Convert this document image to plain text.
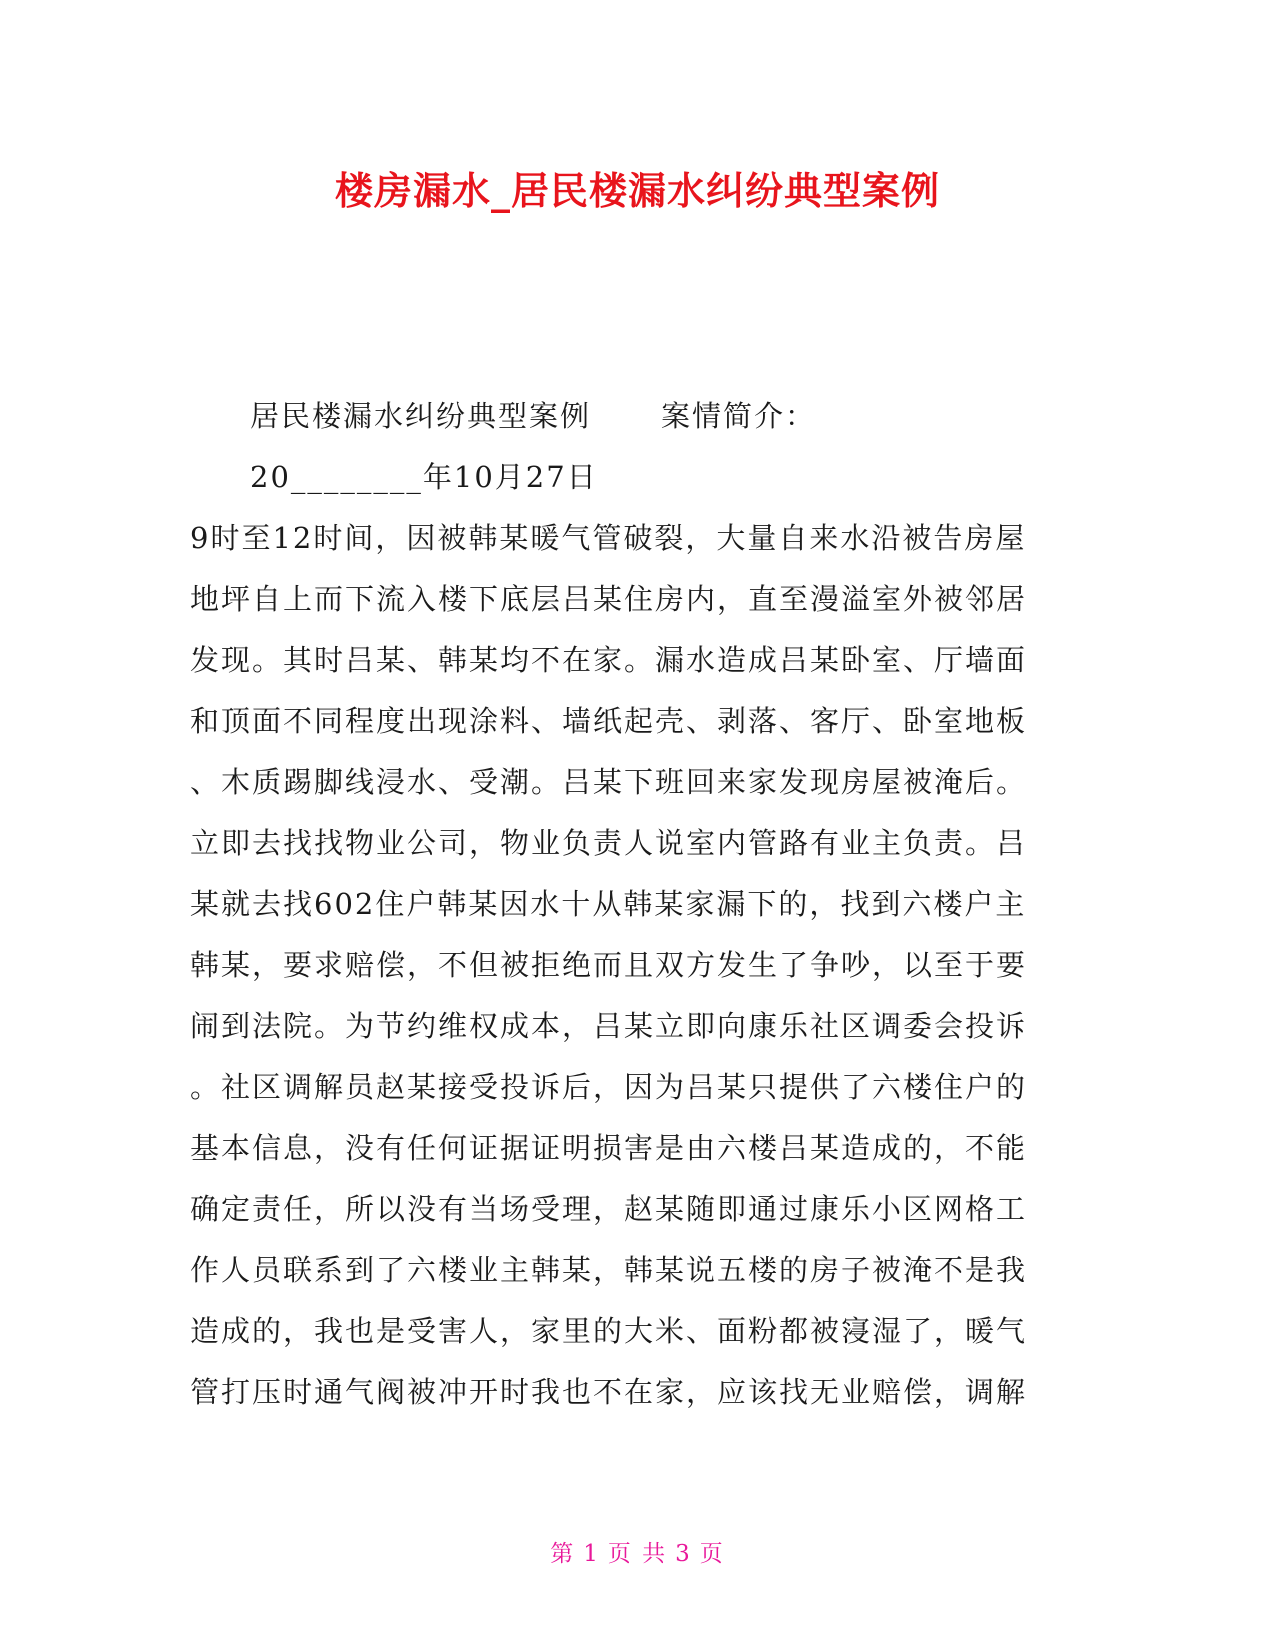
楼房漏水_居民楼漏水纠纷典型案例
居民楼漏水纠纷典型案例 案情简介：
20________年10月27日
9时至12时间，因被韩某暖气管破裂，大量自来水沿被告房屋
地坪自上而下流入楼下底层吕某住房内，直至漫溢室外被邻居
发现。其时吕某、韩某均不在家。漏水造成吕某卧室、厅墙面
和顶面不同程度出现涂料、墙纸起壳、剥落、客厅、卧室地板
、木质踢脚线浸水、受潮。吕某下班回来家发现房屋被淹后。
立即去找找物业公司，物业负责人说室内管路有业主负责。吕
某就去找602住户韩某因水十从韩某家漏下的，找到六楼户主
韩某，要求赔偿，不但被拒绝而且双方发生了争吵，以至于要
闹到法院。为节约维权成本，吕某立即向康乐社区调委会投诉
。社区调解员赵某接受投诉后，因为吕某只提供了六楼住户的
基本信息，没有任何证据证明损害是由六楼吕某造成的，不能
确定责任，所以没有当场受理，赵某随即通过康乐小区网格工
作人员联系到了六楼业主韩某，韩某说五楼的房子被淹不是我
造成的，我也是受害人，家里的大米、面粉都被寖湿了，暖气
管打压时通气阀被冲开时我也不在家，应该找无业赔偿，调解
第 1 页 共 3 页
